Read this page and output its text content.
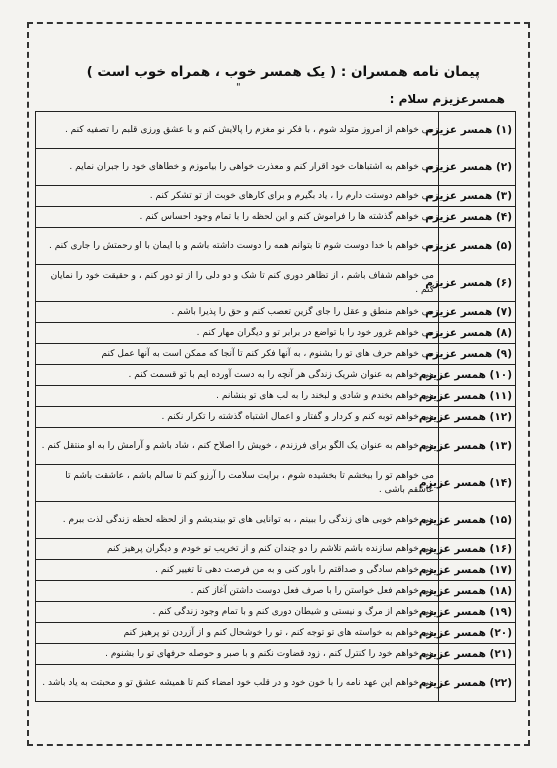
پیمان نامه همسران : ( یک همسر خوب ، همراه خوب است )
"
همسرعزیزم سلام :
(۱) همسر عزیزم	می خواهم از امروز متولد شوم ، با فکر نو مغزم را پالایش کنم و با عشق ورزی قلبم را تصفیه کنم .
(۲) همسر عزیزم	می خواهم به اشتباهات خود اقرار کنم و معذرت خواهی را بیاموزم و خطاهای خود را جبران نمایم .
(۳) همسر عزیزم	می خواهم دوستت دارم را ، یاد بگیرم و برای کارهای خوبت از تو تشکر کنم .
(۴) همسر عزیزم	می خواهم گذشته ها را فراموش کنم و این لحظه را با تمام وجود احساس کنم .
(۵) همسر عزیزم	می خواهم با خدا دوست شوم تا بتوانم همه را دوست داشته باشم و با ایمان با او رحمتش را جاری کنم .
(۶) همسر عزیزم	می خواهم شفاف باشم ، از تظاهر دوری کنم تا شک و دو دلی را از تو دور کنم ، و حقیقت خود را نمایان کنم .
(۷) همسر عزیزم	می خواهم منطق و عقل را جای گزین تعصب کنم و حق را پذیرا باشم .
(۸) همسر عزیزم	می خواهم غرور خود را با تواضع در برابر تو و دیگران مهار کنم .
(۹) همسر عزیزم	می خواهم حرف های تو را بشنوم ، به آنها فکر کنم تا آنجا که ممکن است به آنها عمل کنم
(۱۰) همسر عزیزم	می خواهم به عنوان شریک زندگی هر آنچه را به دست آورده ایم با تو قسمت کنم .
(۱۱) همسر عزیزم	می خواهم بخندم و شادی و لبخند را به لب های تو بنشانم .
(۱۲) همسر عزیزم	می خواهم توبه کنم و کردار و گفتار و اعمال اشتباه گذشته را تکرار نکنم .
(۱۳) همسر عزیزم	می خواهم به عنوان یک الگو برای فرزندم ، خویش را اصلاح کنم ، شاد باشم و آرامش را به او منتقل کنم .
(۱۴) همسر عزیزم	می خواهم تو را ببخشم تا بخشیده شوم ، برایت سلامت را آرزو کنم تا سالم باشم ، عاشقت باشم تا عاشقم باشی .
(۱۵) همسر عزیزم	می خواهم خوبی های زندگی را ببینم ، به توانایی های تو بیندیشم و از لحظه لحظه زندگی لذت ببرم .
(۱۶) همسر عزیزم	می خواهم سازنده باشم تلاشم را دو چندان کنم و از تخریب تو خودم و دیگران پرهیز کنم
(۱۷) همسر عزیزم	می خواهم سادگی و صداقتم را باور کنی و به من فرصت دهی تا تغییر کنم .
(۱۸) همسر عزیزم	می خواهم فعل خواستن را با صرف فعل دوست داشتن آغاز کنم .
(۱۹) همسر عزیزم	می خواهم از مرگ و نیستی و شیطان دوری کنم و با تمام وجود زندگی کنم .
(۲۰) همسر عزیزم	می خواهم به خواسته های تو توجه کنم ، تو را خوشحال کنم و از آزردن تو پرهیز کنم
(۲۱) همسر عزیزم	می خواهم خود را کنترل کنم ، زود قضاوت نکنم و با صبر و حوصله حرفهای تو را بشنوم .
(۲۲) همسر عزیزم	می خواهم این عهد نامه را با خون خود و در قلب خود امضاء کنم تا همیشه عشق تو و محبتت به یاد باشد .
